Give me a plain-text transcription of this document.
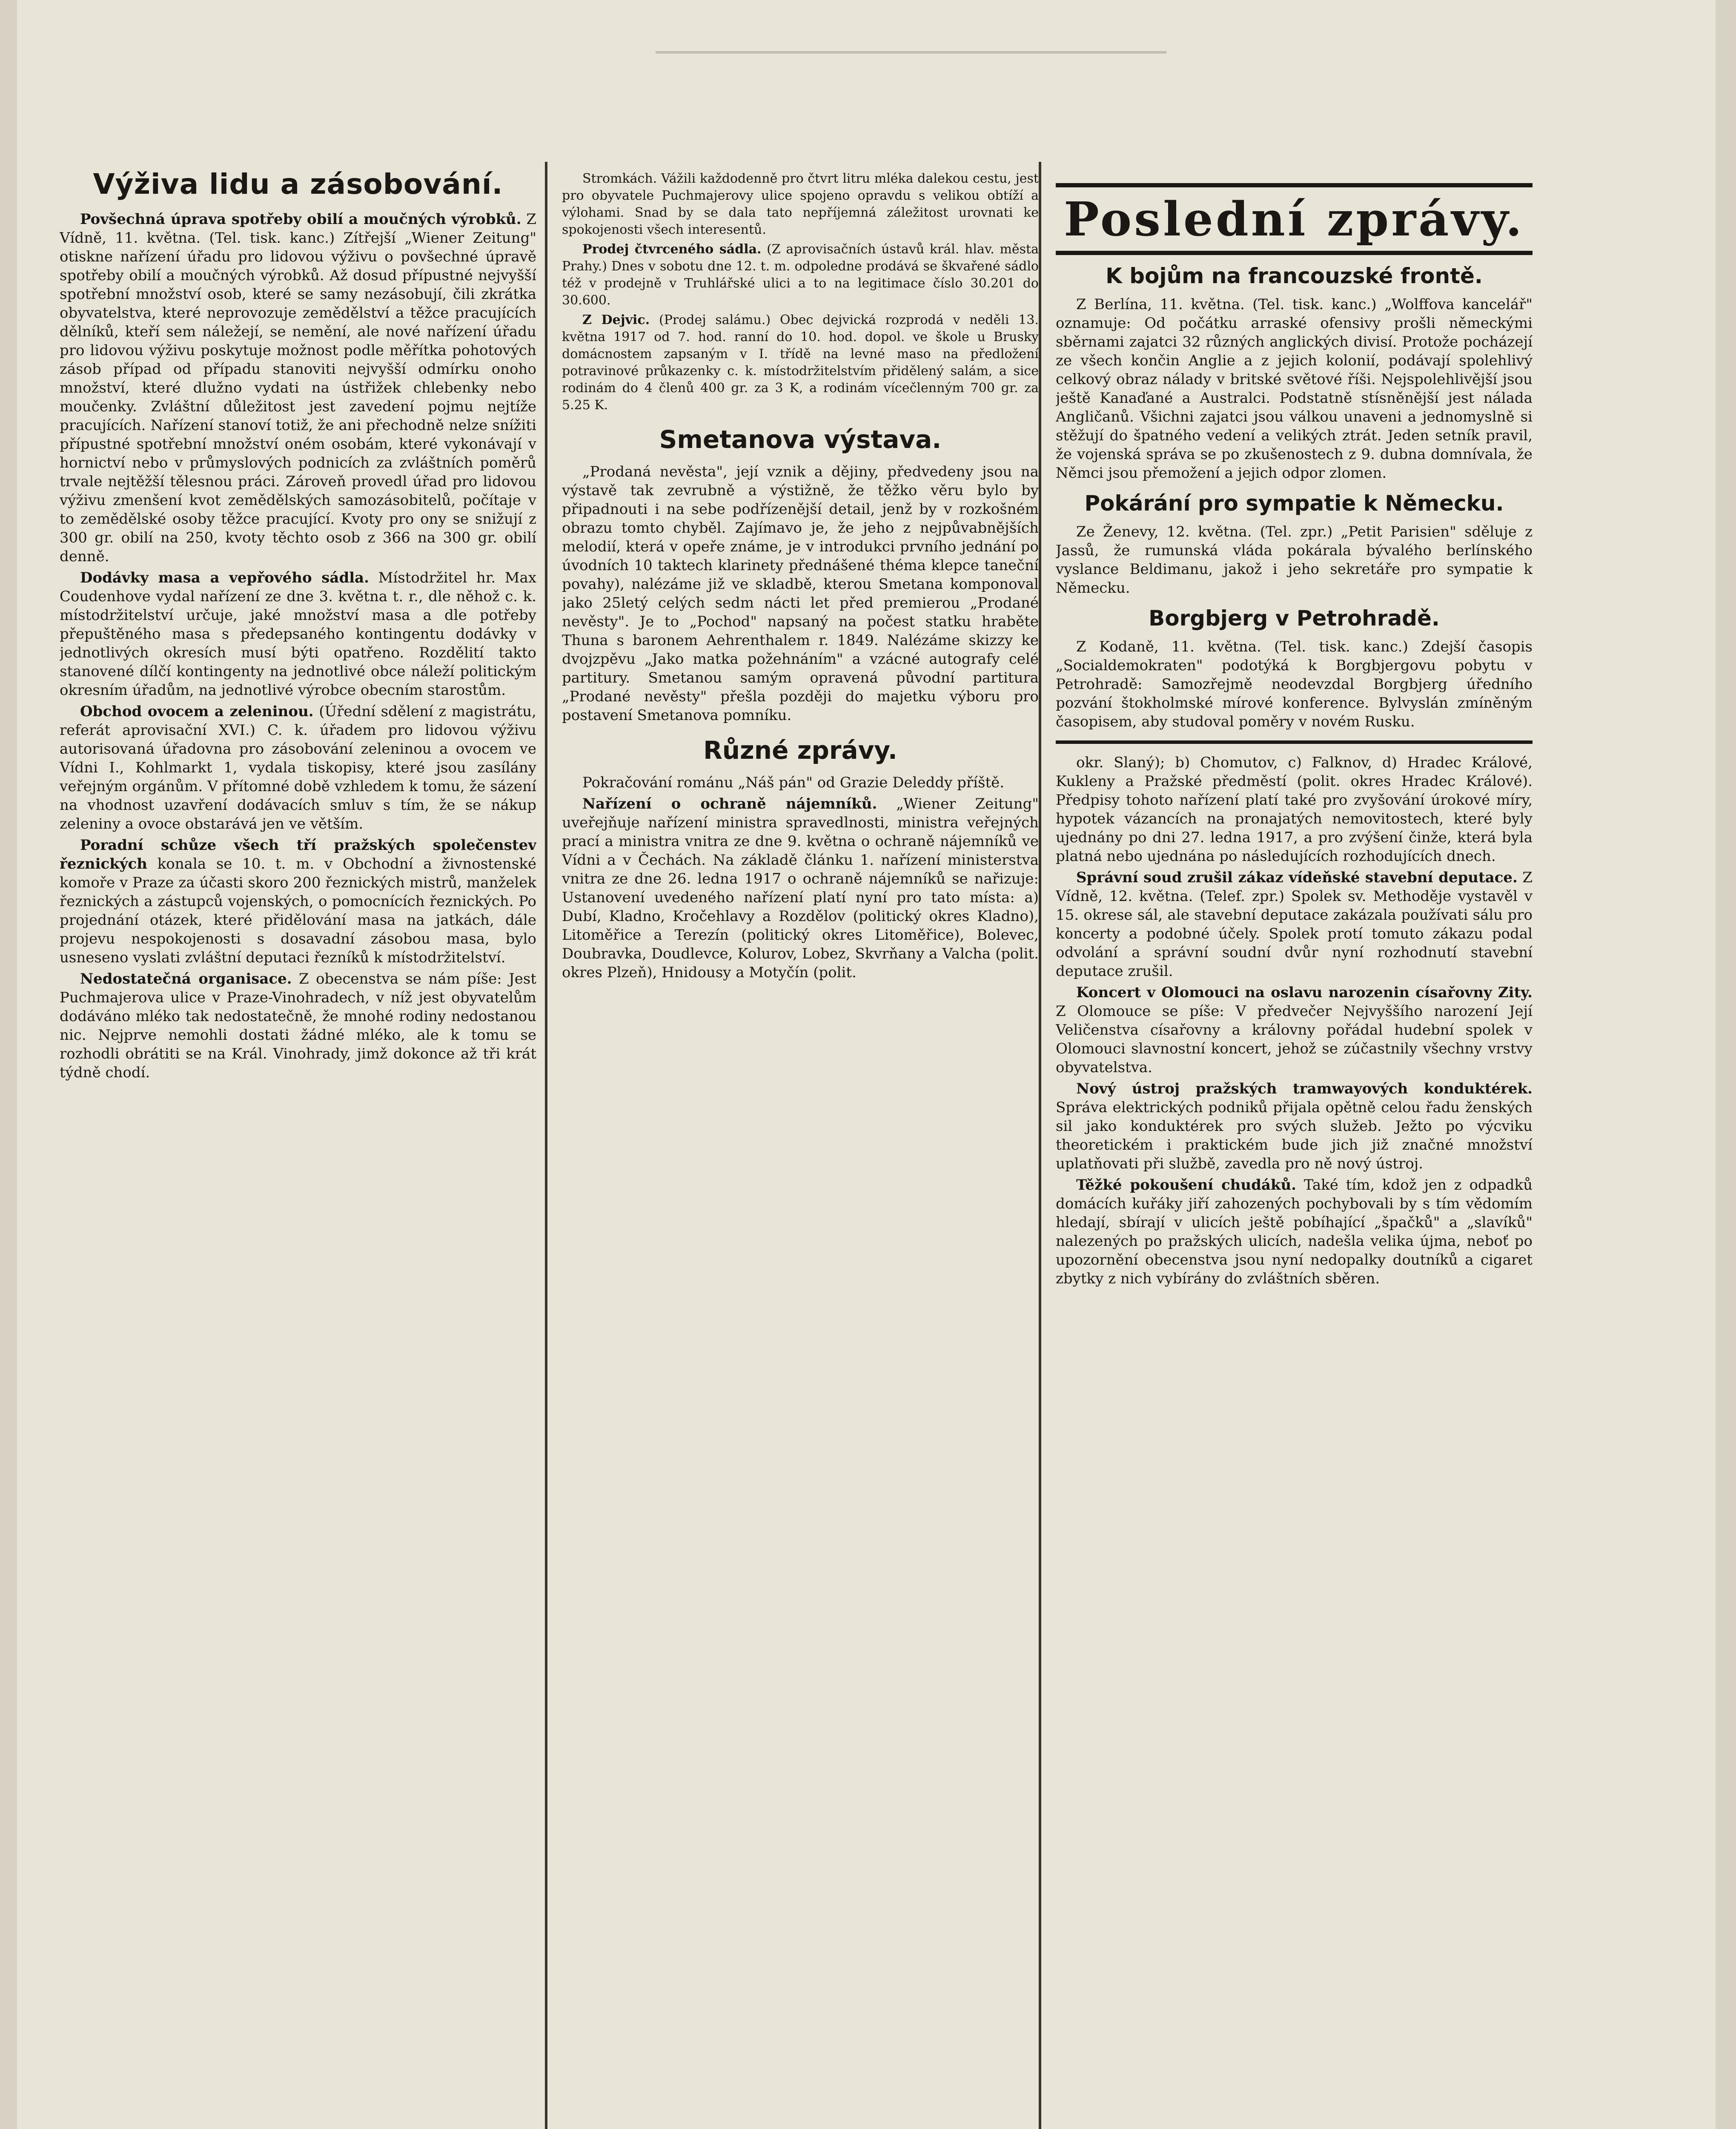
Výživa lidu a zásobování.

Povšechná úprava spotřeby obilí a moučných výrobků. Z Vídně, 11. května. (Tel. tisk. kanc.) Zítřejší „Wiener Zeitung" otiskne nařízení úřadu pro lidovou výživu o povšechné úpravě spotřeby obilí a moučných výrobků. Až dosud přípustné nejvyšší spotřební množství osob, které se samy nezásobují, čili zkrátka obyvatelstva, které neprovozuje zemědělství a těžce pracujících dělníků, kteří sem náležejí, se nemění, ale nové nařízení úřadu pro lidovou výživu poskytuje možnost podle měřítka pohotových zásob případ od případu stanoviti nejvyšší odmírku onoho množství, které dlužno vydati na ústřižek chlebenky nebo moučenky. Zvláštní důležitost jest zavedení pojmu nejtíže pracujících. Nařízení stanoví totiž, že ani přechodně nelze snížiti přípustné spotřební množství oném osobám, které vykonávají v hornictví nebo v průmyslových podnicích za zvláštních poměrů trvale nejtěžší tělesnou práci. Zároveň provedl úřad pro lidovou výživu zmenšení kvot zemědělských samozásobitelů, počítaje v to zemědělské osoby těžce pracující. Kvoty pro ony se snižují z 300 gr. obilí na 250, kvoty těchto osob z 366 na 300 gr. obilí denně.

Dodávky masa a vepřového sádla. Místodržitel hr. Max Coudenhove vydal nařízení ze dne 3. května t. r., dle něhož c. k. místodržitelství určuje, jaké množství masa a dle potřeby přepuštěného masa s předepsaného kontingentu dodávky v jednotlivých okresích musí býti opatřeno. Rozdělití takto stanovené dílčí kontingenty na jednotlivé obce náleží politickým okresním úřadům, na jednotlivé výrobce obecním starostům.

Obchod ovocem a zeleninou. (Úřední sdělení z magistrátu, referát aprovisační XVI.) C. k. úřadem pro lidovou výživu autorisovaná úřadovna pro zásobování zeleninou a ovocem ve Vídni I., Kohlmarkt 1, vydala tiskopisy, které jsou zasílány veřejným orgánům. V přítomné době vzhledem k tomu, že sázení na vhodnost uzavření dodávacích smluv s tím, že se nákup zeleniny a ovoce obstarává jen ve větším.

Poradní schůze všech tří pražských společenstev řeznických konala se 10. t. m. v Obchodní a živnostenské komoře v Praze za účasti skoro 200 řeznických mistrů, manželek řeznických a zástupců vojenských, o pomocnících řeznických. Po projednání otázek, které přidělování masa na jatkách, dále projevu nespokojenosti s dosavadní zásobou masa, bylo usneseno vyslati zvláštní deputaci řezníků k místodržitelství.

Nedostatečná organisace. Z obecenstva se nám píše: Jest Puchmajerova ulice v Praze-Vinohradech, v níž jest obyvatelům dodáváno mléko tak nedostatečně, že mnohé rodiny nedostanou nic. Nejprve nemohli dostati žádné mléko, ale k tomu se rozhodli obrátiti se na Král. Vinohrady, jimž dokonce až tři krát týdně chodí.

Stromkách. Vážili každodenně pro čtvrt litru mléka dalekou cestu, jest pro obyvatele Puchmajerovy ulice spojeno opravdu s velikou obtíží a výlohami. Snad by se dala tato nepříjemná záležitost urovnati ke spokojenosti všech interesentů.

Prodej čtvrceného sádla. (Z aprovisačních ústavů král. hlav. města Prahy.) Dnes v sobotu dne 12. t. m. odpoledne prodává se škvařené sádlo též v prodejně v Truhlářské ulici a to na legitimace číslo 30.201 do 30.600.

Z Dejvic. (Prodej salámu.) Obec dejvická rozprodá v neděli 13. května 1917 od 7. hod. ranní do 10. hod. dopol. ve škole u Brusky domácnostem zapsaným v I. třídě na levné maso na předložení potravinové průkazenky c. k. místodržitelstvím přidělený salám, a sice rodinám do 4 členů 400 gr. za 3 K, a rodinám vícečlenným 700 gr. za 5.25 K.

Smetanova výstava.

„Prodaná nevěsta", její vznik a dějiny, předvedeny jsou na výstavě tak zevrubně a výstižně, že těžko věru bylo by připadnouti i na sebe podřízenější detail, jenž by v rozkošném obrazu tomto chyběl. Zajímavo je, že jeho z nejpůvabnějších melodií, která v opeře známe, je v introdukci prvního jednání po úvodních 10 taktech klarinety přednášené théma klepce taneční povahy), nalézáme již ve skladbě, kterou Smetana komponoval jako 25letý celých sedm nácti let před premierou „Prodané nevěsty". Je to „Pochod" napsaný na počest statku hraběte Thuna s baronem Aehrenthalem r. 1849. Nalézáme skizzy ke dvojzpěvu „Jako matka požehnáním" a vzácné autografy celé partitury. Smetanou samým opravená původní partitura „Prodané nevěsty" přešla později do majetku výboru pro postavení Smetanova pomníku.

Různé zprávy.

Pokračování románu „Náš pán" od Grazie Deleddy příště.

Nařízení o ochraně nájemníků. „Wiener Zeitung" uveřejňuje nařízení ministra spravedlnosti, ministra veřejných prací a ministra vnitra ze dne 9. května o ochraně nájemníků ve Vídni a v Čechách. Na základě článku 1. nařízení ministerstva vnitra ze dne 26. ledna 1917 o ochraně nájemníků se nařizuje: Ustanovení uvedeného nařízení platí nyní pro tato místa: a) Dubí, Kladno, Kročehlavy a Rozdělov (politický okres Kladno), Litoměřice a Terezín (politický okres Litoměřice), Bolevec, Doubravka, Doudlevce, Kolurov, Lobez, Skvrňany a Valcha (polit. okres Plzeň), Hnidousy a Motyčín (polit.

Poslední zprávy.
K bojům na francouzské frontě.

Z Berlína, 11. května. (Tel. tisk. kanc.) „Wolffova kancelář" oznamuje: Od počátku arraské ofensivy prošli německými sběrnami zajatci 32 různých anglických divisí. Protože pocházejí ze všech končin Anglie a z jejich kolonií, podávají spolehlivý celkový obraz nálady v britské světové říši. Nejspolehlivější jsou ještě Kanaďané a Australci. Podstatně stísněnější jest nálada Angličanů. Všichni zajatci jsou válkou unaveni a jednomyslně si stěžují do špatného vedení a velikých ztrát. Jeden setník pravil, že vojenská správa se po zkušenostech z 9. dubna domnívala, že Němci jsou přemožení a jejich odpor zlomen.

Pokárání pro sympatie k Německu.

Ze Ženevy, 12. května. (Tel. zpr.) „Petit Parisien" sděluje z Jassů, že rumunská vláda pokárala bývalého berlínského vyslance Beldimanu, jakož i jeho sekretáře pro sympatie k Německu.

Borgbjerg v Petrohradě.

Z Kodaně, 11. května. (Tel. tisk. kanc.) Zdejší časopis „Socialdemokraten" podotýká k Borgbjergovu pobytu v Petrohradě: Samozřejmě neodevzdal Borgbjerg úředního pozvání štokholmské mírové konference. Bylvyslán zmíněným časopisem, aby studoval poměry v novém Rusku.

okr. Slaný); b) Chomutov, c) Falknov, d) Hradec Králové, Kukleny a Pražské předměstí (polit. okres Hradec Králové). Předpisy tohoto nařízení platí také pro zvyšování úrokové míry, hypotek vázancích na pronajatých nemovitostech, které byly ujednány po dni 27. ledna 1917, a pro zvýšení činže, která byla platná nebo ujednána po následujících rozhodujících dnech.

Správní soud zrušil zákaz vídeňské stavební deputace. Z Vídně, 12. května. (Telef. zpr.) Spolek sv. Methoděje vystavěl v 15. okrese sál, ale stavební deputace zakázala používati sálu pro koncerty a podobné účely. Spolek protí tomuto zákazu podal odvolání a správní soudní dvůr nyní rozhodnutí stavební deputace zrušil.

Koncert v Olomouci na oslavu narozenin císařovny Zity. Z Olomouce se píše: V předvečer Nejvyššího narození Její Veličenstva císařovny a královny pořádal hudební spolek v Olomouci slavnostní koncert, jehož se zúčastnily všechny vrstvy obyvatelstva.

Nový ústroj pražských tramwayových konduktérek. Správa elektrických podniků přijala opětně celou řadu ženských sil jako konduktérek pro svých služeb. Ježto po výcviku theoretickém i praktickém bude jich již značné množství uplatňovati při službě, zavedla pro ně nový ústroj.

Těžké pokoušení chudáků. Také tím, kdož jen z odpadků domácích kuřáky jiří zahozených pochybovali by s tím vědomím hledají, sbírají v ulicích ještě pobíhající „špačků" a „slavíků" nalezených po pražských ulicích, nadešla velika újma, neboť po upozornění obecenstva jsou nyní nedopalky doutníků a cigaret zbytky z nich vybírány do zvláštních sběren.
